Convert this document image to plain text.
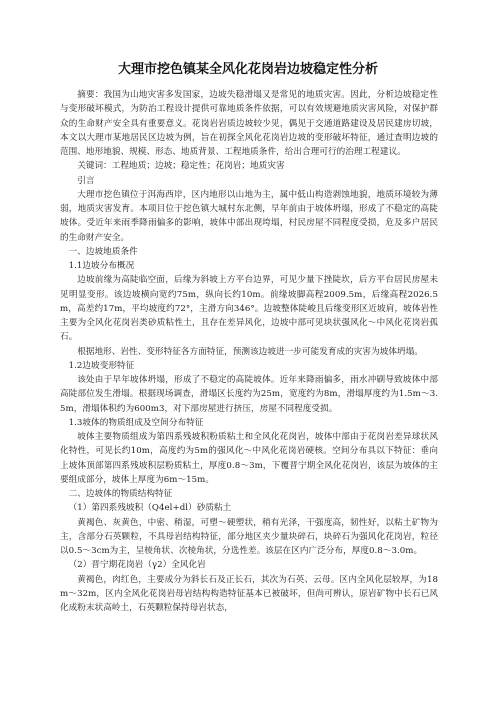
大理市挖色镇某全风化花岗岩边坡稳定性分析

摘要：我国为山地灾害多发国家，边坡失稳滑塌又是常见的地质灾害。因此，分析边坡稳定性与变形破坏模式，为防治工程设计提供可靠地质条件依据，可以有效规避地质灾害风险，对保护群众的生命财产安全具有重要意义。花岗岩岩质边坡较少见，偶见于交通道路建设及居民建房切坡，本文以大理市某地居民区边坡为例，旨在初探全风化花岗岩边坡的变形破坏特征，通过查明边坡的范围、地形地貌、规模、形态、地质背景、工程地质条件，给出合理可行的治理工程建议。

关键词：工程地质；边坡；稳定性；花岗岩；地质灾害

引言

大理市挖色镇位于洱海西岸，区内地形以山地为主，属中低山构造剥蚀地貌，地质环境较为薄弱，地质灾害发育。本项目位于挖色镇大城村东北侧，早年前由于坡体坍塌，形成了不稳定的高陡坡体。受近年来雨季降雨偏多的影响，坡体中部出现垮塌，村民房屋不同程度受损，危及多户居民的生命财产安全。

一、边坡地质条件

1.1边坡分布概况

边坡前缘为高陡临空面，后缘为斜坡上方平台边界，可见少量下挫陡坎，后方平台居民房屋未见明显变形。该边坡横向宽约75m，纵向长约10m。前缘坡脚高程2009.5m，后缘高程2026.5m，高差约17m，平均坡度约72°，主滑方向346°。边坡整体陡峻且后缘变形区近坡肩，坡体岩性主要为全风化花岗岩类砂质粘性土，且存在差异风化，边坡中部可见块状强风化～中风化花岗岩孤石。

根据地形、岩性、变形特征各方面特征，预测该边坡进一步可能发育成的灾害为坡体坍塌。

1.2边坡变形特征

该处由于早年坡体坍塌，形成了不稳定的高陡坡体。近年来降雨偏多，雨水冲刷导致坡体中部高陡部位发生滑塌。根据现场调查，滑塌区长度约为25m，宽度约为8m，滑塌厚度约为1.5m～3.5m，滑塌体积约为600m3，对下部房屋进行挤压，房屋不同程度受损。

1.3坡体的物质组成及空间分布特征

坡体主要物质组成为第四系残坡积粉质粘土和全风化花岗岩，坡体中部由于花岗岩差异球状风化特性，可见长约10m，高度约为5m的强风化～中风化花岗岩硬核。空间分布具以下特征：垂向上坡体顶部第四系残坡积层粉质粘土，厚度0.8～3m，下覆晋宁期全风化花岗岩，该层为坡体的主要组成部分，坡体上厚度为6m～15m。

二、边坡体的物质结构特征

（1）第四系残坡积（Q4el+dl）砂质粘土

黄褐色、灰黄色，中密、稍湿，可塑～硬塑状，稍有光泽，干强度高，韧性好，以粘土矿物为主，含部分石英颗粒，不具母岩结构特征，部分地区夹少量块碎石，块碎石为强风化花岗岩，粒径以0.5～3cm为主，呈棱角状、次棱角状，分选性差。该层在区内广泛分布，厚度0.8～3.0m。

（2）晋宁期花岗岩（γ2）全风化岩

黄褐色，肉红色，主要成分为斜长石及正长石，其次为石英、云母。区内全风化层较厚，为18m～32m，区内全风化花岗岩母岩结构构造特征基本已被破坏，但尚可辨认，原岩矿物中长石已风化成粉末状高岭土，石英颗粒保持母岩状态，
